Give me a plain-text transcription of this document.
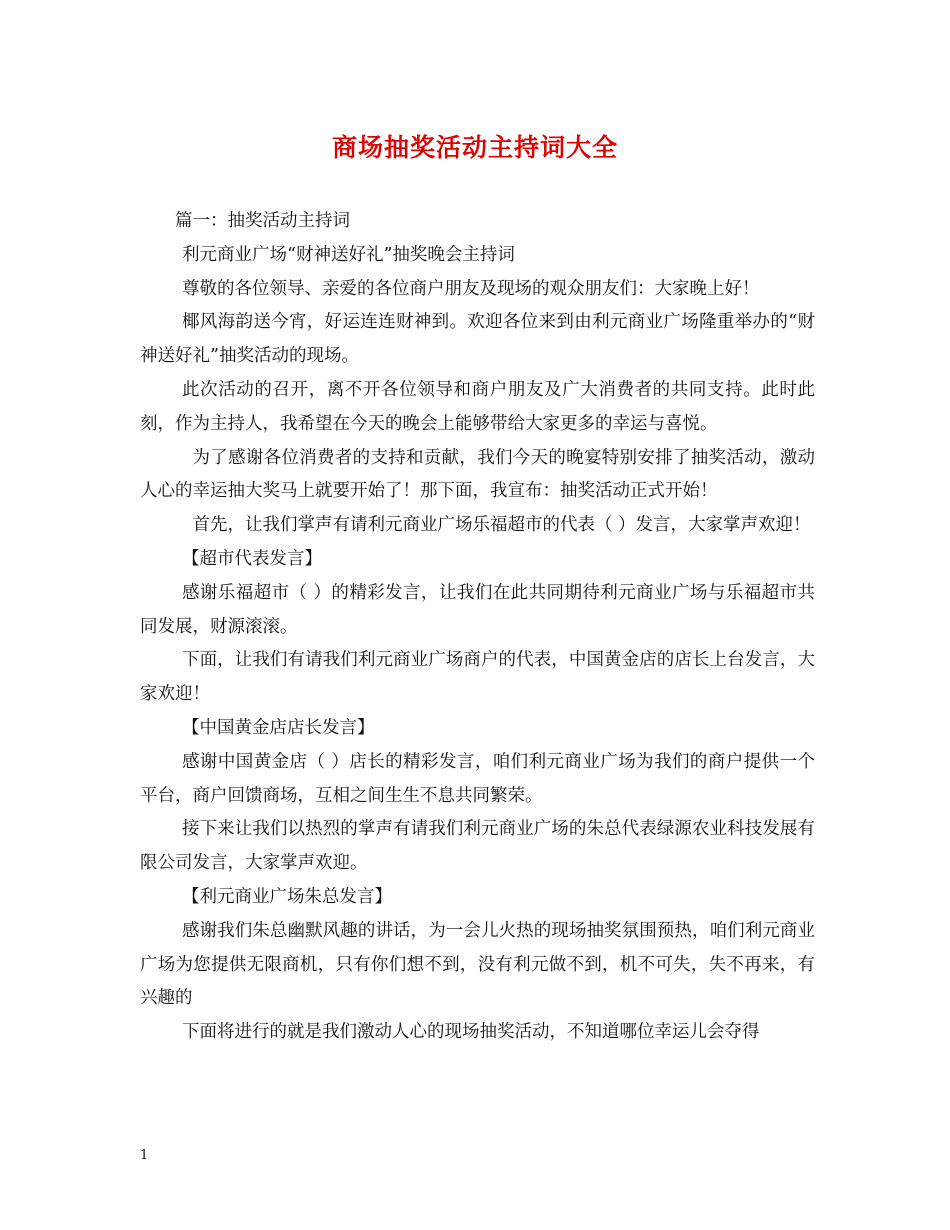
商场抽奖活动主持词大全

篇一：抽奖活动主持词

利元商业广场“财神送好礼”抽奖晚会主持词

尊敬的各位领导、亲爱的各位商户朋友及现场的观众朋友们：大家晚上好！

椰风海韵送今宵，好运连连财神到。欢迎各位来到由利元商业广场隆重举办的“财神送好礼”抽奖活动的现场。

此次活动的召开，离不开各位领导和商户朋友及广大消费者的共同支持。此时此刻，作为主持人，我希望在今天的晚会上能够带给大家更多的幸运与喜悦。

为了感谢各位消费者的支持和贡献，我们今天的晚宴特别安排了抽奖活动，激动人心的幸运抽大奖马上就要开始了！那下面，我宣布：抽奖活动正式开始！

首先，让我们掌声有请利元商业广场乐福超市的代表（ ）发言，大家掌声欢迎！

【超市代表发言】

感谢乐福超市（ ）的精彩发言，让我们在此共同期待利元商业广场与乐福超市共同发展，财源滚滚。

下面，让我们有请我们利元商业广场商户的代表，中国黄金店的店长上台发言，大家欢迎！

【中国黄金店店长发言】

感谢中国黄金店（ ）店长的精彩发言，咱们利元商业广场为我们的商户提供一个平台，商户回馈商场，互相之间生生不息共同繁荣。

接下来让我们以热烈的掌声有请我们利元商业广场的朱总代表绿源农业科技发展有限公司发言，大家掌声欢迎。

【利元商业广场朱总发言】

感谢我们朱总幽默风趣的讲话，为一会儿火热的现场抽奖氛围预热，咱们利元商业广场为您提供无限商机，只有你们想不到，没有利元做不到，机不可失，失不再来，有兴趣的

下面将进行的就是我们激动人心的现场抽奖活动，不知道哪位幸运儿会夺得

1
